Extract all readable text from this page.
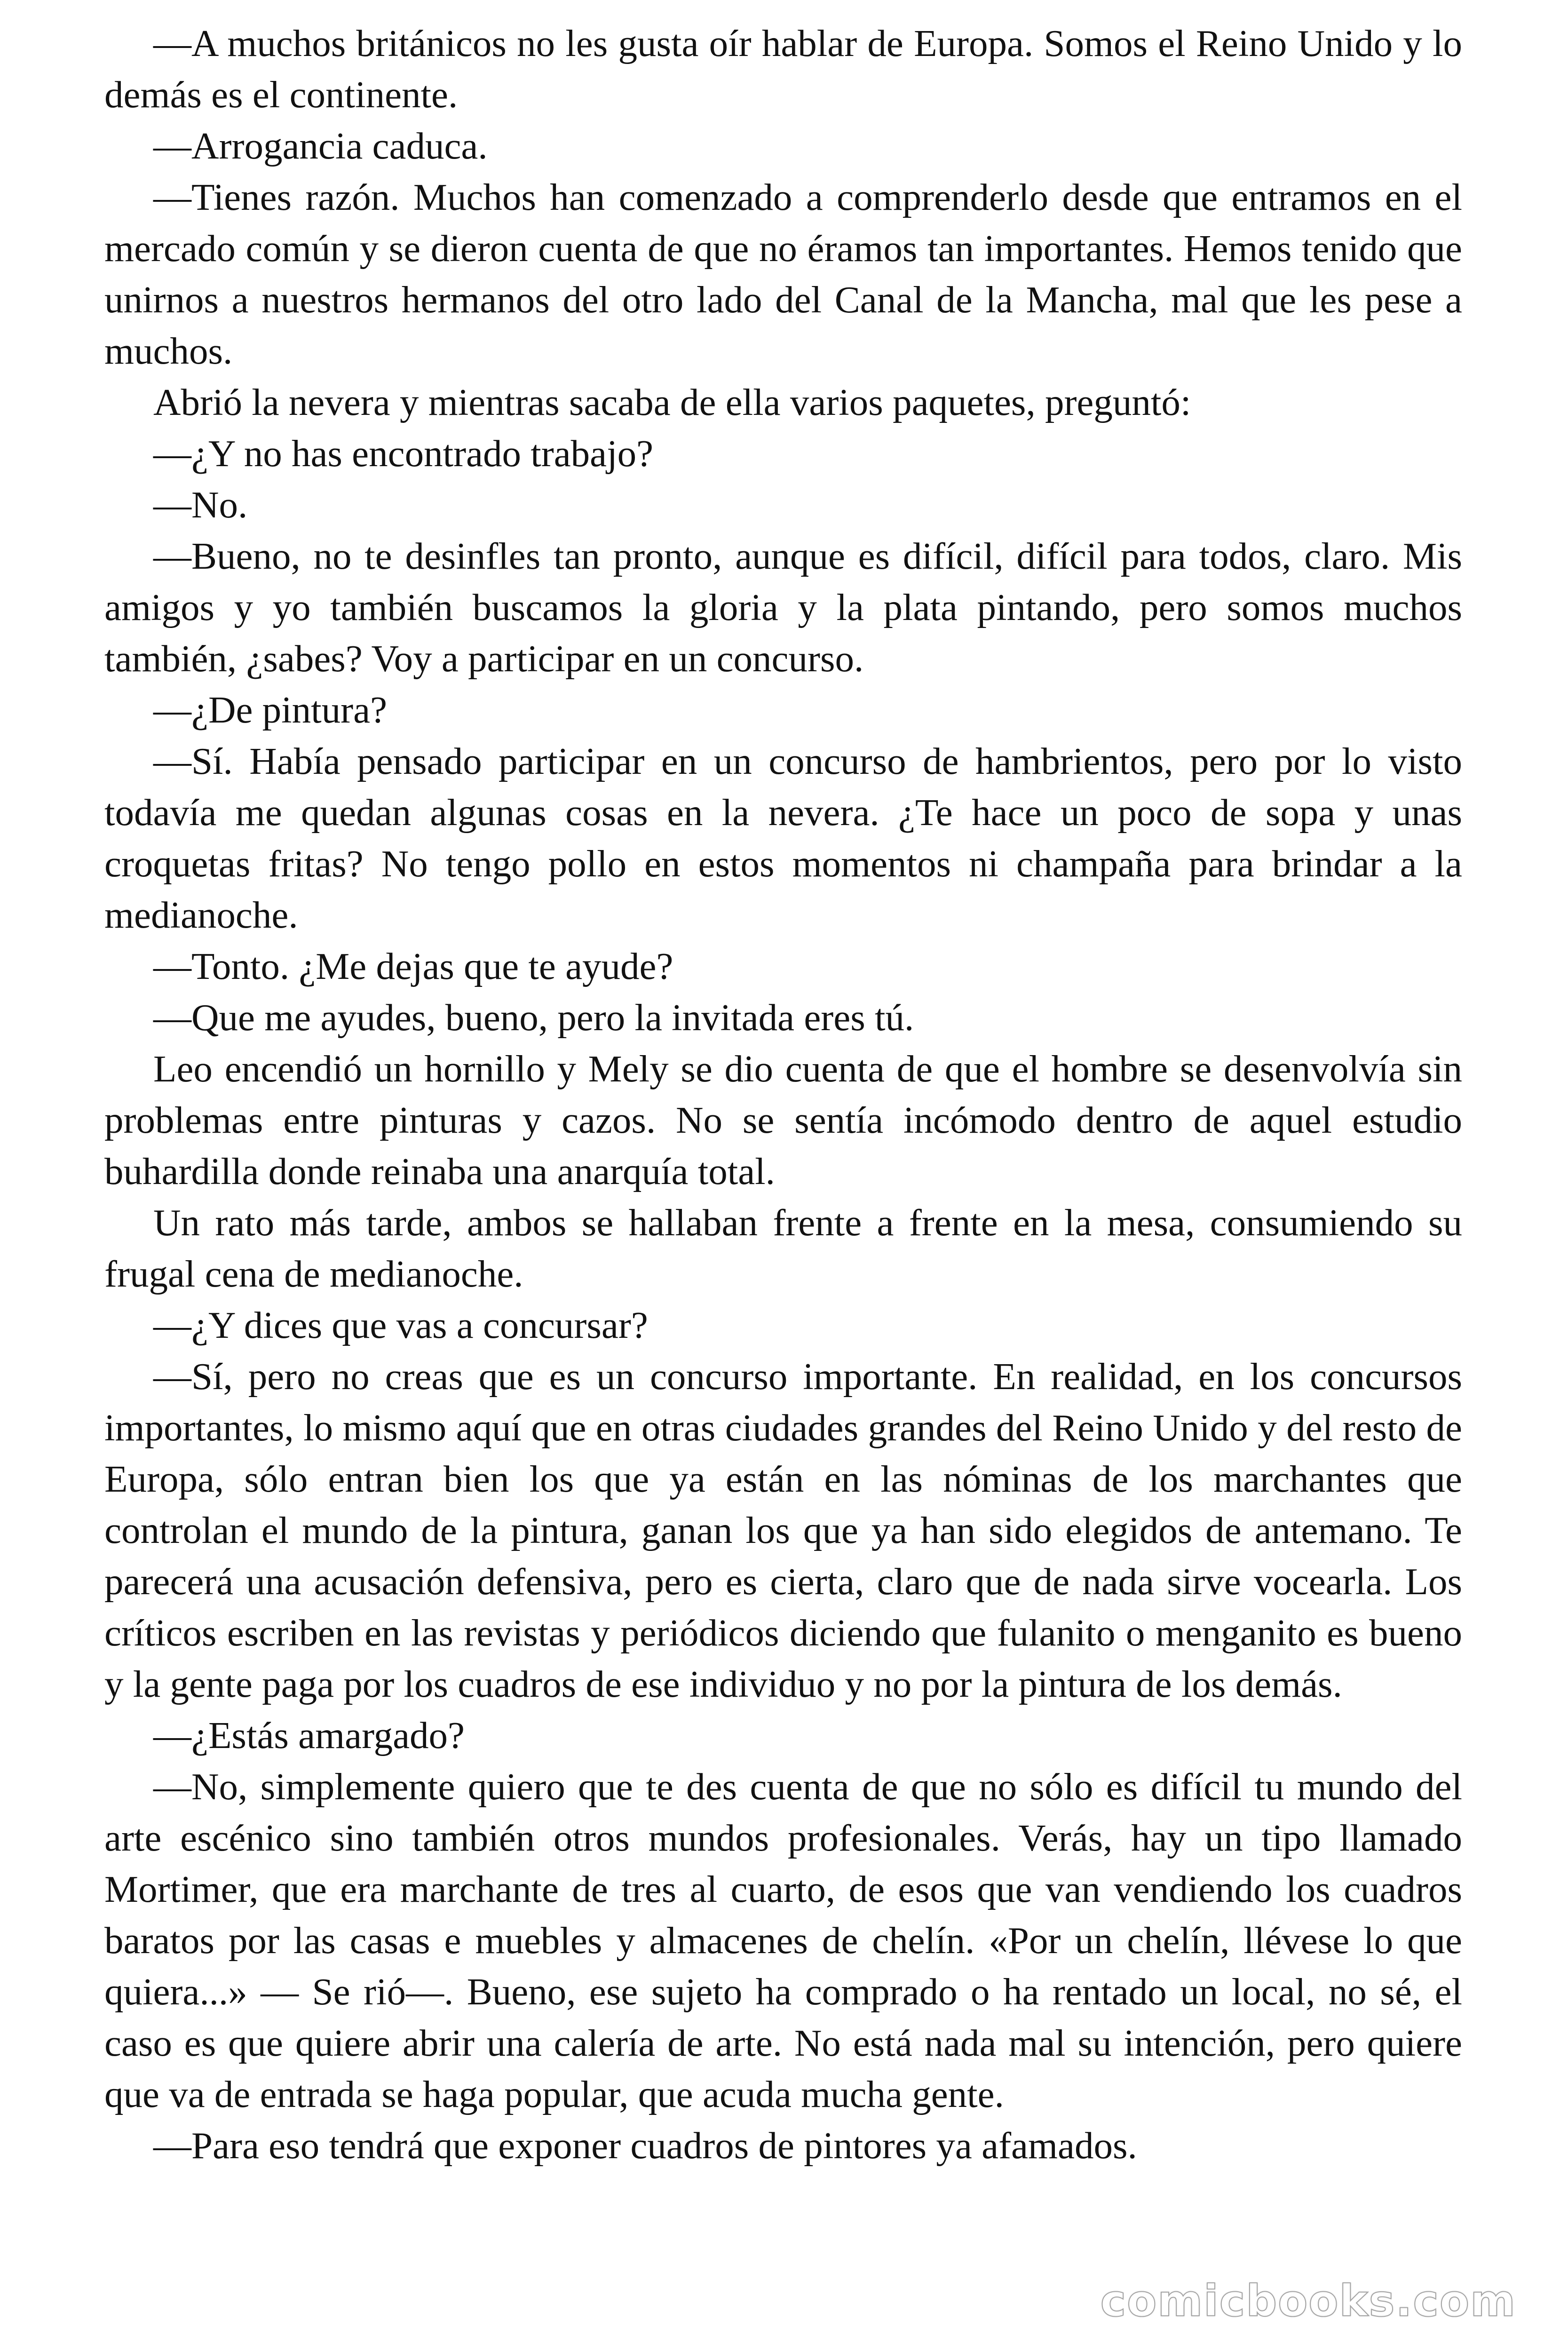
—A muchos británicos no les gusta oír hablar de Europa. Somos el Reino Unido y lo demás es el continente.

—Arrogancia caduca.

—Tienes razón. Muchos han comenzado a comprenderlo desde que entramos en el mercado común y se dieron cuenta de que no éramos tan importantes. Hemos tenido que unirnos a nuestros hermanos del otro lado del Canal de la Mancha, mal que les pese a muchos.

Abrió la nevera y mientras sacaba de ella varios paquetes, preguntó:

—¿Y no has encontrado trabajo?

—No.

—Bueno, no te desinfles tan pronto, aunque es difícil, difícil para todos, claro. Mis amigos y yo también buscamos la gloria y la plata pintando, pero somos muchos también, ¿sabes? Voy a participar en un concurso.

—¿De pintura?

—Sí. Había pensado participar en un concurso de hambrientos, pero por lo visto todavía me quedan algunas cosas en la nevera. ¿Te hace un poco de sopa y unas croquetas fritas? No tengo pollo en estos momentos ni champaña para brindar a la medianoche.

—Tonto. ¿Me dejas que te ayude?

—Que me ayudes, bueno, pero la invitada eres tú.

Leo encendió un hornillo y Mely se dio cuenta de que el hombre se desenvolvía sin problemas entre pinturas y cazos. No se sentía incómodo dentro de aquel estudio buhardilla donde reinaba una anarquía total.

Un rato más tarde, ambos se hallaban frente a frente en la mesa, consumiendo su frugal cena de medianoche.

—¿Y dices que vas a concursar?

—Sí, pero no creas que es un concurso importante. En realidad, en los concursos importantes, lo mismo aquí que en otras ciudades grandes del Reino Unido y del resto de Europa, sólo entran bien los que ya están en las nóminas de los marchantes que controlan el mundo de la pintura, ganan los que ya han sido elegidos de antemano. Te parecerá una acusación defensiva, pero es cierta, claro que de nada sirve vocearla. Los críticos escriben en las revistas y periódicos diciendo que fulanito o menganito es bueno y la gente paga por los cuadros de ese individuo y no por la pintura de los demás.

—¿Estás amargado?

—No, simplemente quiero que te des cuenta de que no sólo es difícil tu mundo del arte escénico sino también otros mundos profesionales. Verás, hay un tipo llamado Mortimer, que era marchante de tres al cuarto, de esos que van vendiendo los cuadros baratos por las casas e muebles y almacenes de chelín. «Por un chelín, llévese lo que quiera...» — Se rió—. Bueno, ese sujeto ha comprado o ha rentado un local, no sé, el caso es que quiere abrir una calería de arte. No está nada mal su intención, pero quiere que va de entrada se haga popular, que acuda mucha gente.

—Para eso tendrá que exponer cuadros de pintores ya afamados.

comicbooks.com
